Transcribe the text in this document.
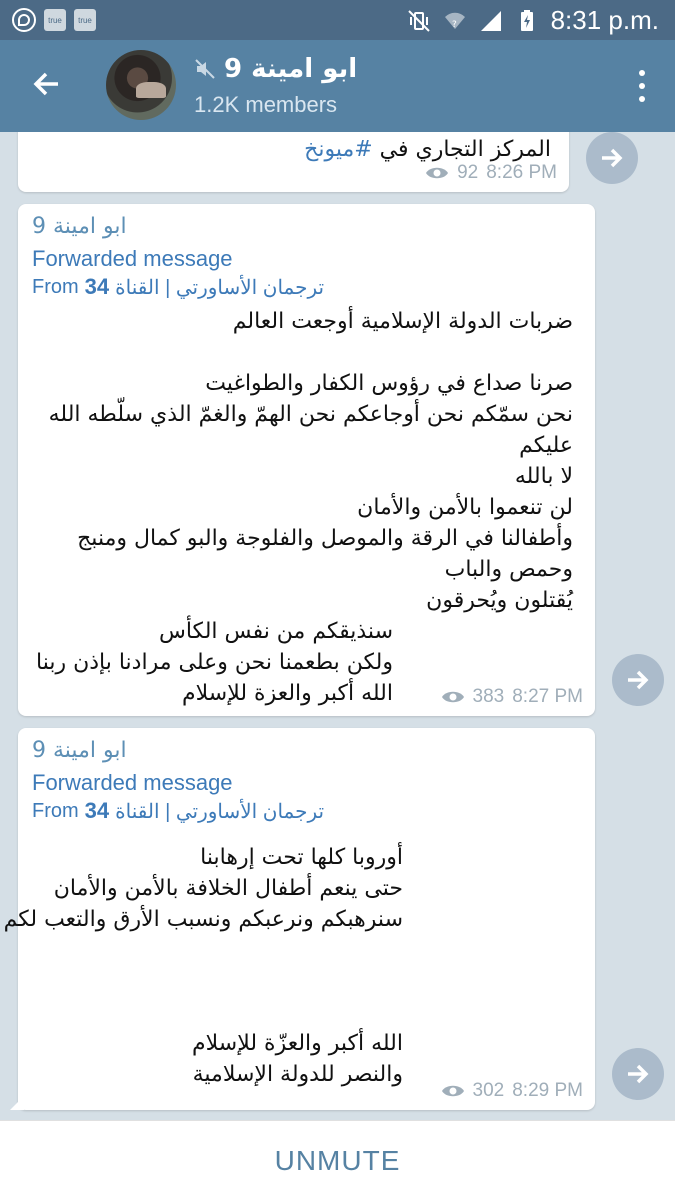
true	true	?	8:31 p.m.
ابو امينة 9
1.2K members
المركز التجاري في #ميونخ
92 8:26 PM
ابو امينة 9
Forwarded message
From 34 ترجمان الأساورتي | القناة
ضربات الدولة الإسلامية أوجعت العالم
صرنا صداع في رؤوس الكفار والطواغيت
نحن سمّكم نحن أوجاعكم نحن الهمّ والغمّ الذي سلّطه الله
عليكم
لا بالله
لن تنعموا بالأمن والأمان
وأطفالنا في الرقة والموصل والفلوجة والبو كمال ومنبج
وحمص والباب
يُقتلون ويُحرقون
سنذيقكم من نفس الكأس
ولكن بطعمنا نحن وعلى مرادنا بإذن ربنا
الله أكبر والعزة للإسلام	383 8:27 PM
ابو امينة 9
Forwarded message
From 34 ترجمان الأساورتي | القناة
أوروبا كلها تحت إرهابنا
حتى ينعم أطفال الخلافة بالأمن والأمان
سنرهبكم ونرعبكم ونسبب الأرق والتعب لكم
الله أكبر والعزّة للإسلام
والنصر للدولة الإسلامية
302 8:29 PM
UNMUTE
